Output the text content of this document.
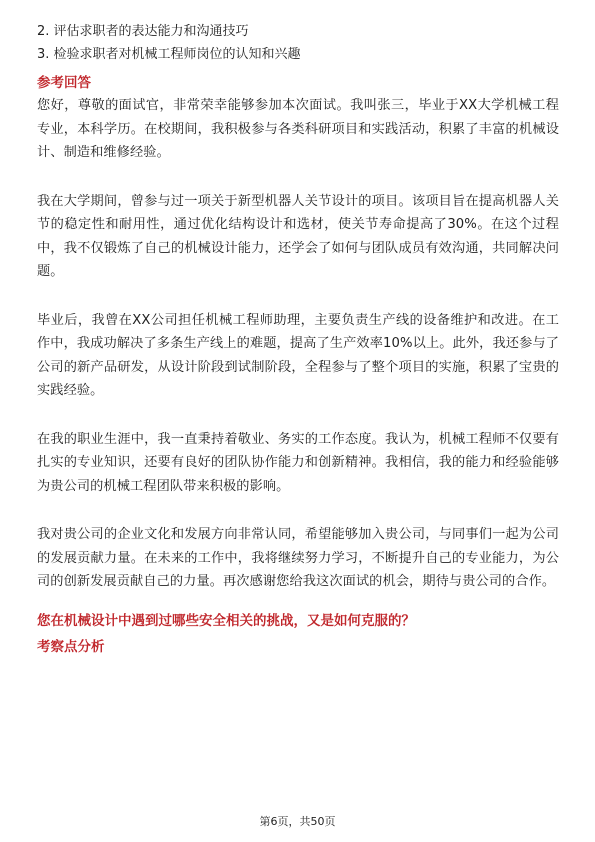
2. 评估求职者的表达能力和沟通技巧

3. 检验求职者对机械工程师岗位的认知和兴趣

参考回答

您好，尊敬的面试官，非常荣幸能够参加本次面试。我叫张三，毕业于XX大学机械工程专业，本科学历。在校期间，我积极参与各类科研项目和实践活动，积累了丰富的机械设计、制造和维修经验。

我在大学期间，曾参与过一项关于新型机器人关节设计的项目。该项目旨在提高机器人关节的稳定性和耐用性，通过优化结构设计和选材，使关节寿命提高了30%。在这个过程中，我不仅锻炼了自己的机械设计能力，还学会了如何与团队成员有效沟通，共同解决问题。

毕业后，我曾在XX公司担任机械工程师助理，主要负责生产线的设备维护和改进。在工作中，我成功解决了多条生产线上的难题，提高了生产效率10%以上。此外，我还参与了公司的新产品研发，从设计阶段到试制阶段，全程参与了整个项目的实施，积累了宝贵的实践经验。

在我的职业生涯中，我一直秉持着敬业、务实的工作态度。我认为，机械工程师不仅要有扎实的专业知识，还要有良好的团队协作能力和创新精神。我相信，我的能力和经验能够为贵公司的机械工程团队带来积极的影响。

我对贵公司的企业文化和发展方向非常认同，希望能够加入贵公司，与同事们一起为公司的发展贡献力量。在未来的工作中，我将继续努力学习，不断提升自己的专业能力，为公司的创新发展贡献自己的力量。再次感谢您给我这次面试的机会，期待与贵公司的合作。

您在机械设计中遇到过哪些安全相关的挑战，又是如何克服的？

考察点分析

第6页，共50页
